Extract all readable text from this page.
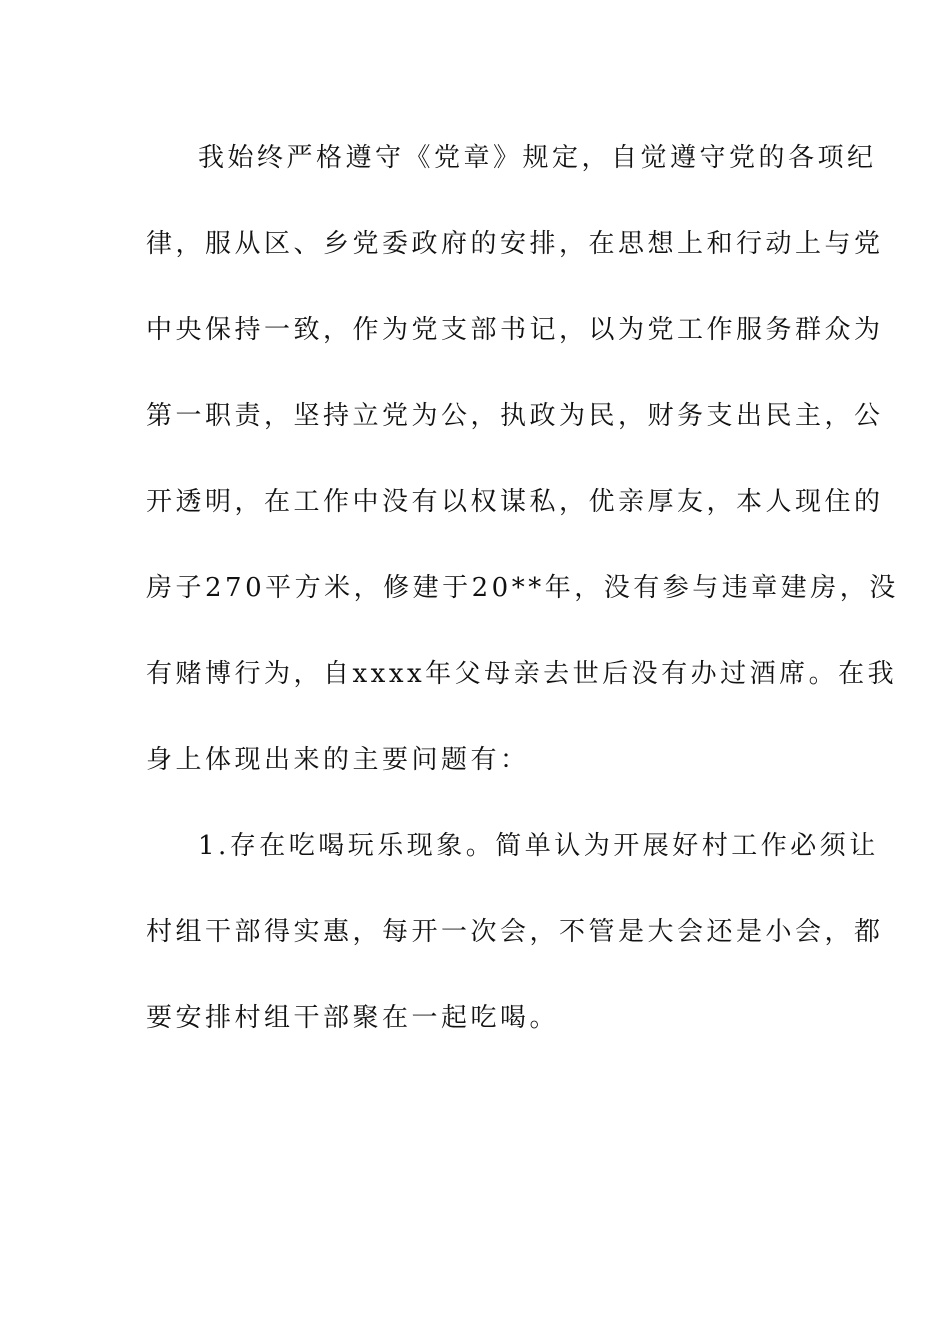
我始终严格遵守《党章》规定，自觉遵守党的各项纪
律，服从区、乡党委政府的安排，在思想上和行动上与党
中央保持一致，作为党支部书记，以为党工作服务群众为
第一职责，坚持立党为公，执政为民，财务支出民主，公
开透明，在工作中没有以权谋私，优亲厚友，本人现住的
房子270平方米，修建于20**年，没有参与违章建房，没
有赌博行为，自xxxx年父母亲去世后没有办过酒席。在我
身上体现出来的主要问题有：
1.存在吃喝玩乐现象。简单认为开展好村工作必须让
村组干部得实惠，每开一次会，不管是大会还是小会，都
要安排村组干部聚在一起吃喝。
